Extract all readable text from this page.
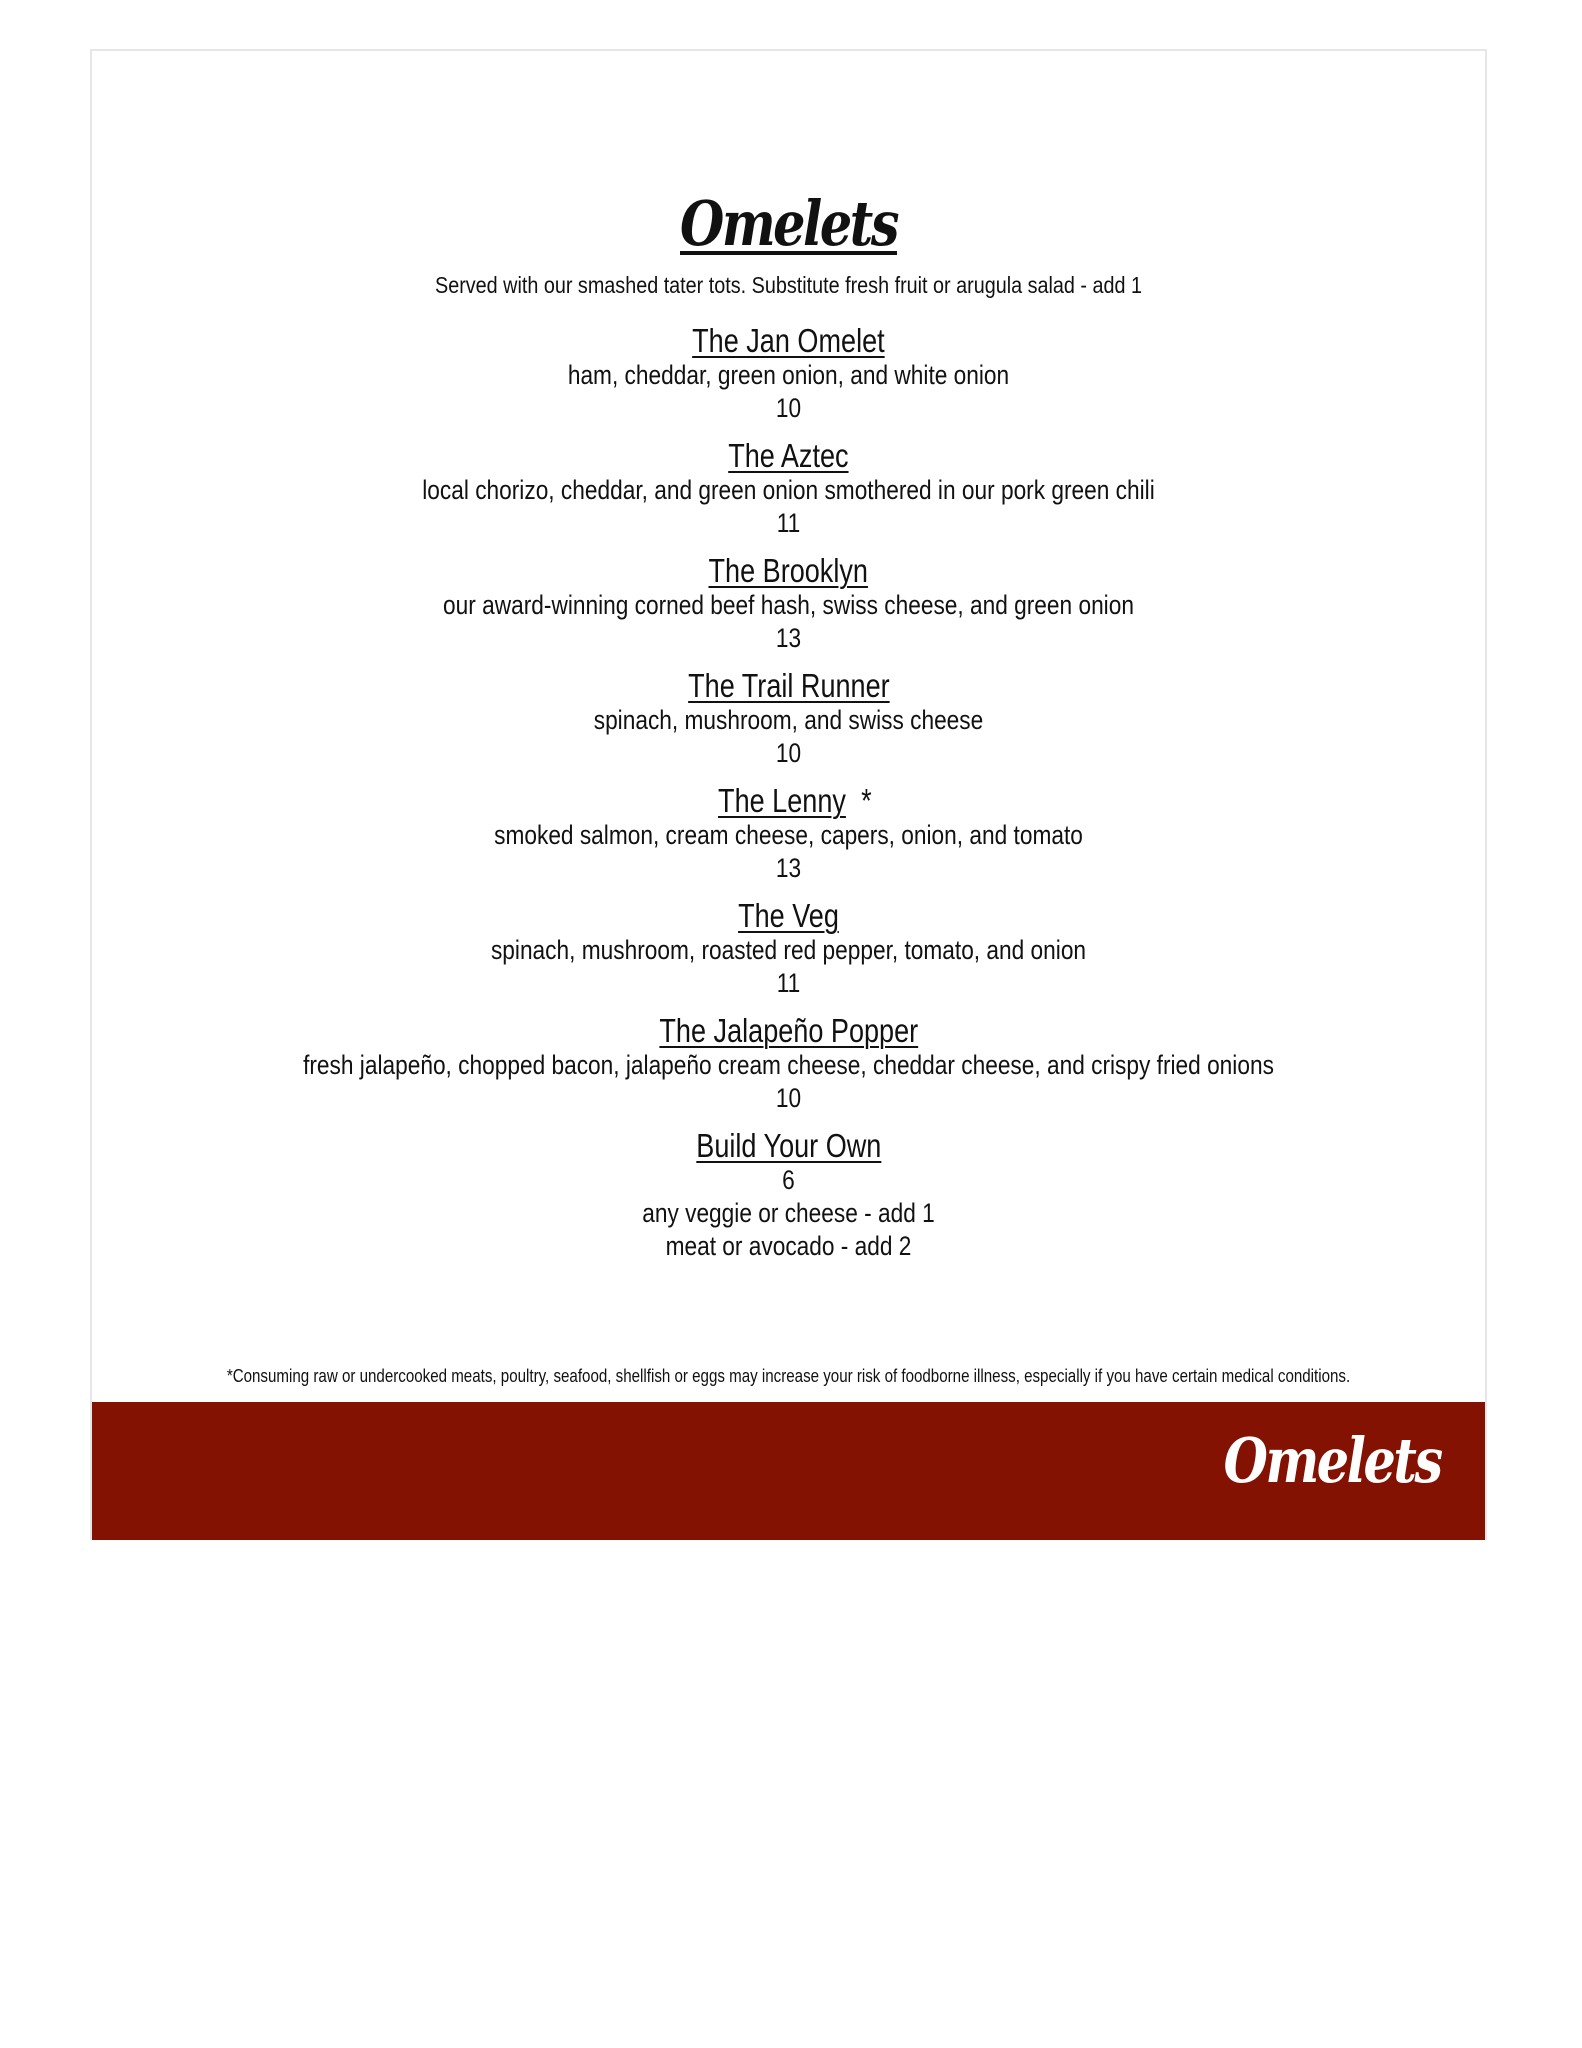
Omelets
Served with our smashed tater tots. Substitute fresh fruit or arugula salad - add 1
The Jan Omelet
ham, cheddar, green onion, and white onion
10
The Aztec
local chorizo, cheddar, and green onion smothered in our pork green chili
11
The Brooklyn
our award-winning corned beef hash, swiss cheese, and green onion
13
The Trail Runner
spinach, mushroom, and swiss cheese
10
The Lenny *
smoked salmon, cream cheese, capers, onion, and tomato
13
The Veg
spinach, mushroom, roasted red pepper, tomato, and onion
11
The Jalapeño Popper
fresh jalapeño, chopped bacon, jalapeño cream cheese, cheddar cheese, and crispy fried onions
10
Build Your Own
6
any veggie or cheese - add 1
meat or avocado - add 2
*Consuming raw or undercooked meats, poultry, seafood, shellfish or eggs may increase your risk of foodborne illness, especially if you have certain medical conditions.
Omelets
